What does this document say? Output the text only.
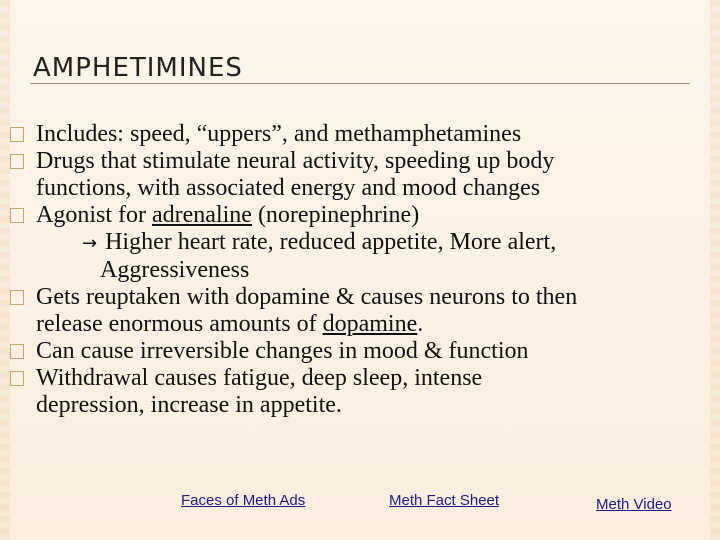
AMPHETIMINES
Includes: speed, “uppers”, and methamphetamines
Drugs that stimulate neural activity, speeding up body
functions, with associated energy and mood changes
Agonist for adrenaline (norepinephrine)
→ Higher heart rate, reduced appetite, More alert,
Aggressiveness
Gets reuptaken with dopamine & causes neurons to then
release enormous amounts of dopamine.
Can cause irreversible changes in mood & function
Withdrawal causes fatigue, deep sleep, intense
depression, increase in appetite.
Faces of Meth Ads	Meth Fact Sheet	Meth Video
